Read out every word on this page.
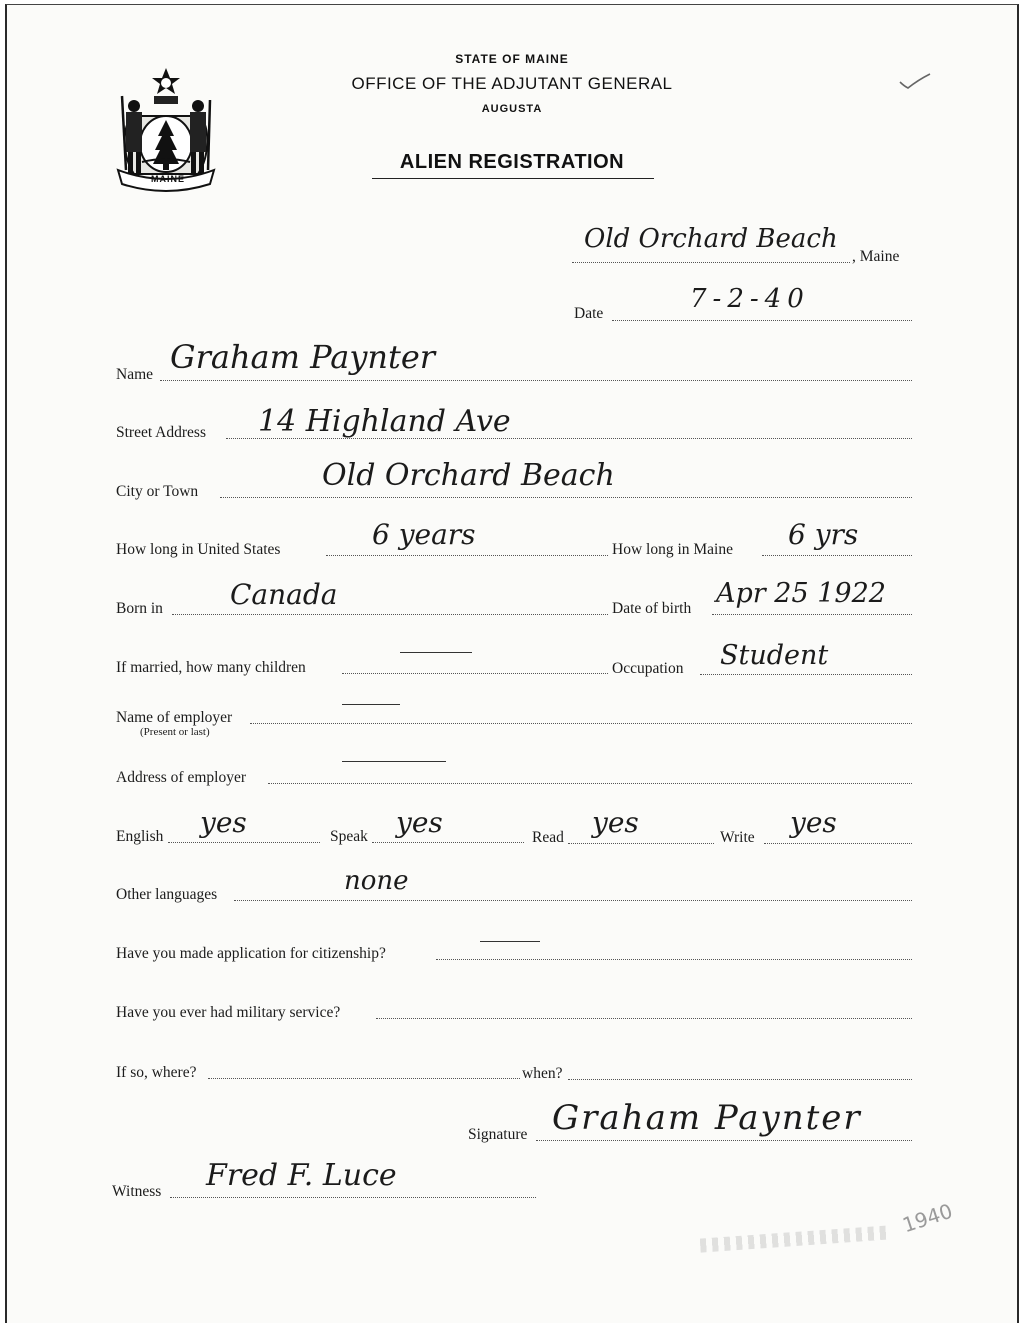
MAINE
STATE OF MAINE
OFFICE OF THE ADJUTANT GENERAL
AUGUSTA
ALIEN REGISTRATION
Old Orchard Beach
, Maine
Date	7-2-40
Name Graham Paynter
Street Address 14 Highland Ave
City or Town	Old Orchard Beach
How long in United States	6 years	How long in Maine 6 yrs
Born in Canada	Date of birth Apr 25 1922
If married, how many children	Occupation Student
Name of employer
(Present or last)
Address of employer
English yes	Speak yes	Read yes	Write yes
Other languages	none
Have you made application for citizenship?
Have you ever had military service?
If so, where?	when?
Signature Graham Paynter
Witness Fred F. Luce
1940
